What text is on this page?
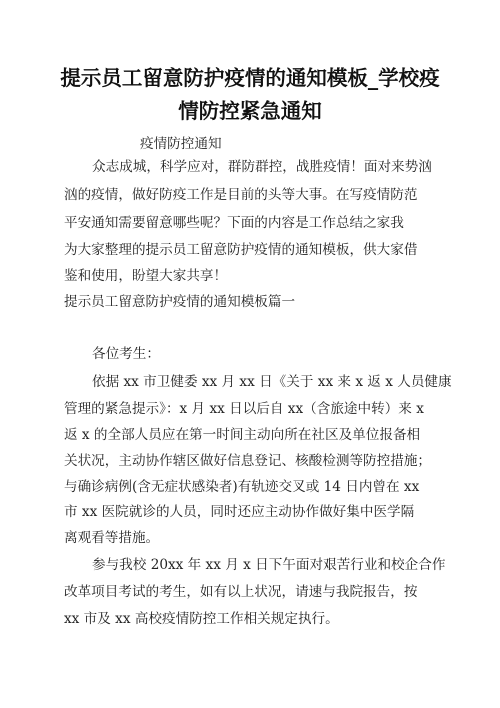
提示员工留意防护疫情的通知模板_学校疫
情防控紧急通知

疫情防控通知

众志成城，科学应对，群防群控，战胜疫情！面对来势汹

汹的疫情，做好防疫工作是目前的头等大事。在写疫情防范

平安通知需要留意哪些呢？下面的内容是工作总结之家我

为大家整理的提示员工留意防护疫情的通知模板，供大家借

鉴和使用，盼望大家共享！

提示员工留意防护疫情的通知模板篇一

各位考生：

依据 xx 市卫健委 xx 月 xx 日《关于 xx 来 x 返 x 人员健康

管理的紧急提示》：x 月 xx 日以后自 xx（含旅途中转）来 x

返 x 的全部人员应在第一时间主动向所在社区及单位报备相

关状况，主动协作辖区做好信息登记、核酸检测等防控措施；

与确诊病例(含无症状感染者)有轨迹交叉或 14 日内曾在 xx

市 xx 医院就诊的人员，同时还应主动协作做好集中医学隔

离观看等措施。

参与我校 20xx 年 xx 月 x 日下午面对艰苦行业和校企合作

改革项目考试的考生，如有以上状况，请速与我院报告，按

xx 市及 xx 高校疫情防控工作相关规定执行。
